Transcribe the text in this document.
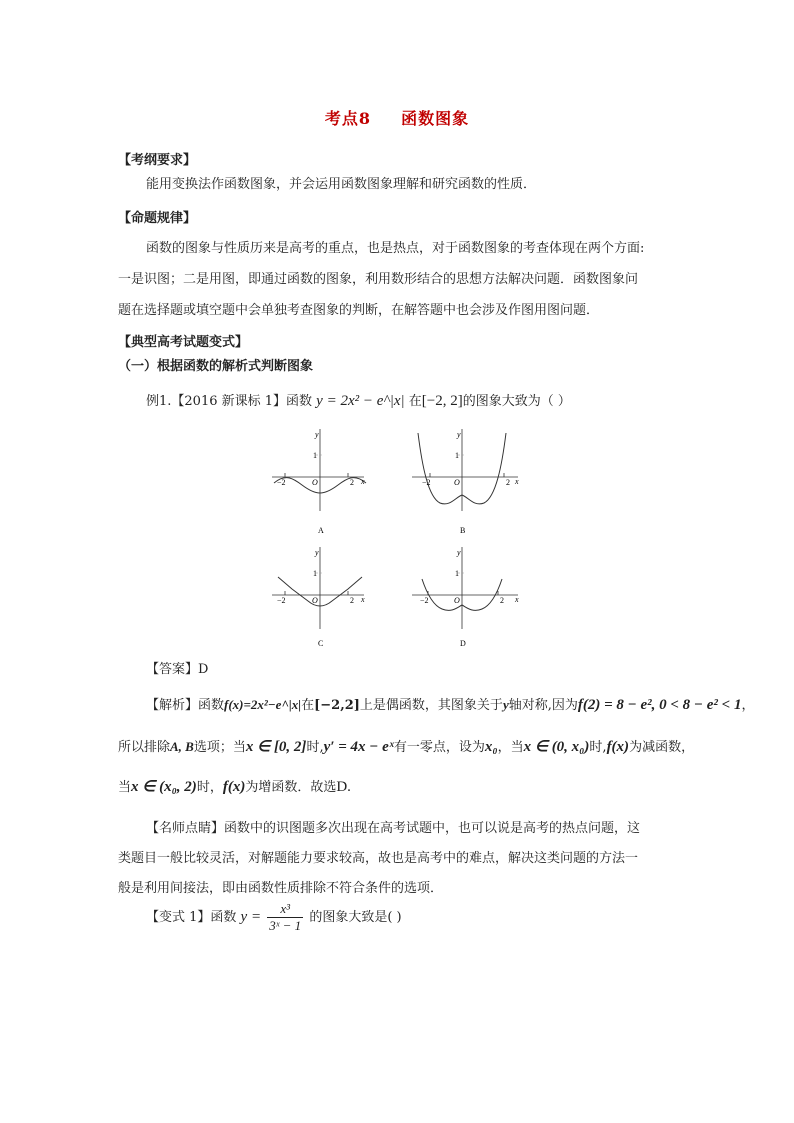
考点8 函数图象
【考纲要求】
能用变换法作函数图象，并会运用函数图象理解和研究函数的性质．
【命题规律】
函数的图象与性质历来是高考的重点，也是热点，对于函数图象的考查体现在两个方面:
一是识图；二是用图，即通过函数的图象，利用数形结合的思想方法解决问题．函数图象问
题在选择题或填空题中会单独考查图象的判断，在解答题中也会涉及作图用图问题．
【典型高考试题变式】
（一）根据函数的解析式判断图象
例1.【2016 新课标 1】函数 y = 2x² − e^|x| 在[−2, 2]的图象大致为（ ）
y
x
O
1
−2	2
A
y
x
O
1
−2	2
B
y
x
O
1
−2	2
C
y
x
O
1
−2	2
D
【答案】D
【解析】函数f(x)=2x²−e^|x|在[−2,2]上是偶函数，其图象关于y轴对称,因为f(2) = 8 − e², 0 < 8 − e² < 1，
所以排除A, B选项；当x ∈ [0, 2]时,y′ = 4x − eˣ有一零点，设为x₀，当x ∈ (0, x₀)时,f(x)为减函数，
当x ∈ (x₀, 2)时，f(x)为增函数．故选D.
【名师点睛】函数中的识图题多次出现在高考试题中，也可以说是高考的热点问题，这
类题目一般比较灵活，对解题能力要求较高，故也是高考中的难点，解决这类问题的方法一
般是利用间接法，即由函数性质排除不符合条件的选项．
【变式 1】函数 $y = \frac{\text{x³}}{\text{3ˣ − 1}}$ 的图象大致是( )
